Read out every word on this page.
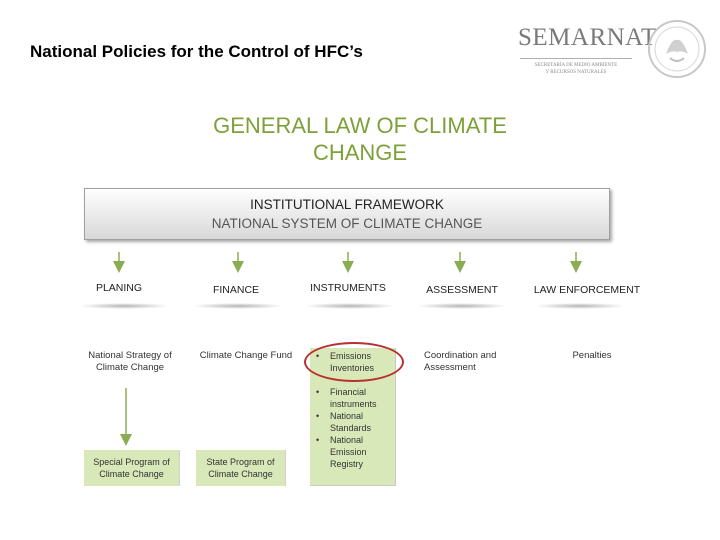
National Policies for the Control of HFC’s
SEMARNAT
SECRETARÍA DE MEDIO AMBIENTE
Y RECURSOS NATURALES
GENERAL LAW OF CLIMATE
CHANGE
INSTITUTIONAL FRAMEWORK
NATIONAL SYSTEM OF CLIMATE CHANGE
PLANING	FINANCE	INSTRUMENTS	ASSESSMENT	LAW ENFORCEMENT
National Strategy of Climate Change
Special Program of Climate Change
Climate Change Fund
State Program of Climate Change
• Emissions Inventories
• Financial instruments
• National Standards
• National Emission Registry
Coordination and Assessment
Penalties
